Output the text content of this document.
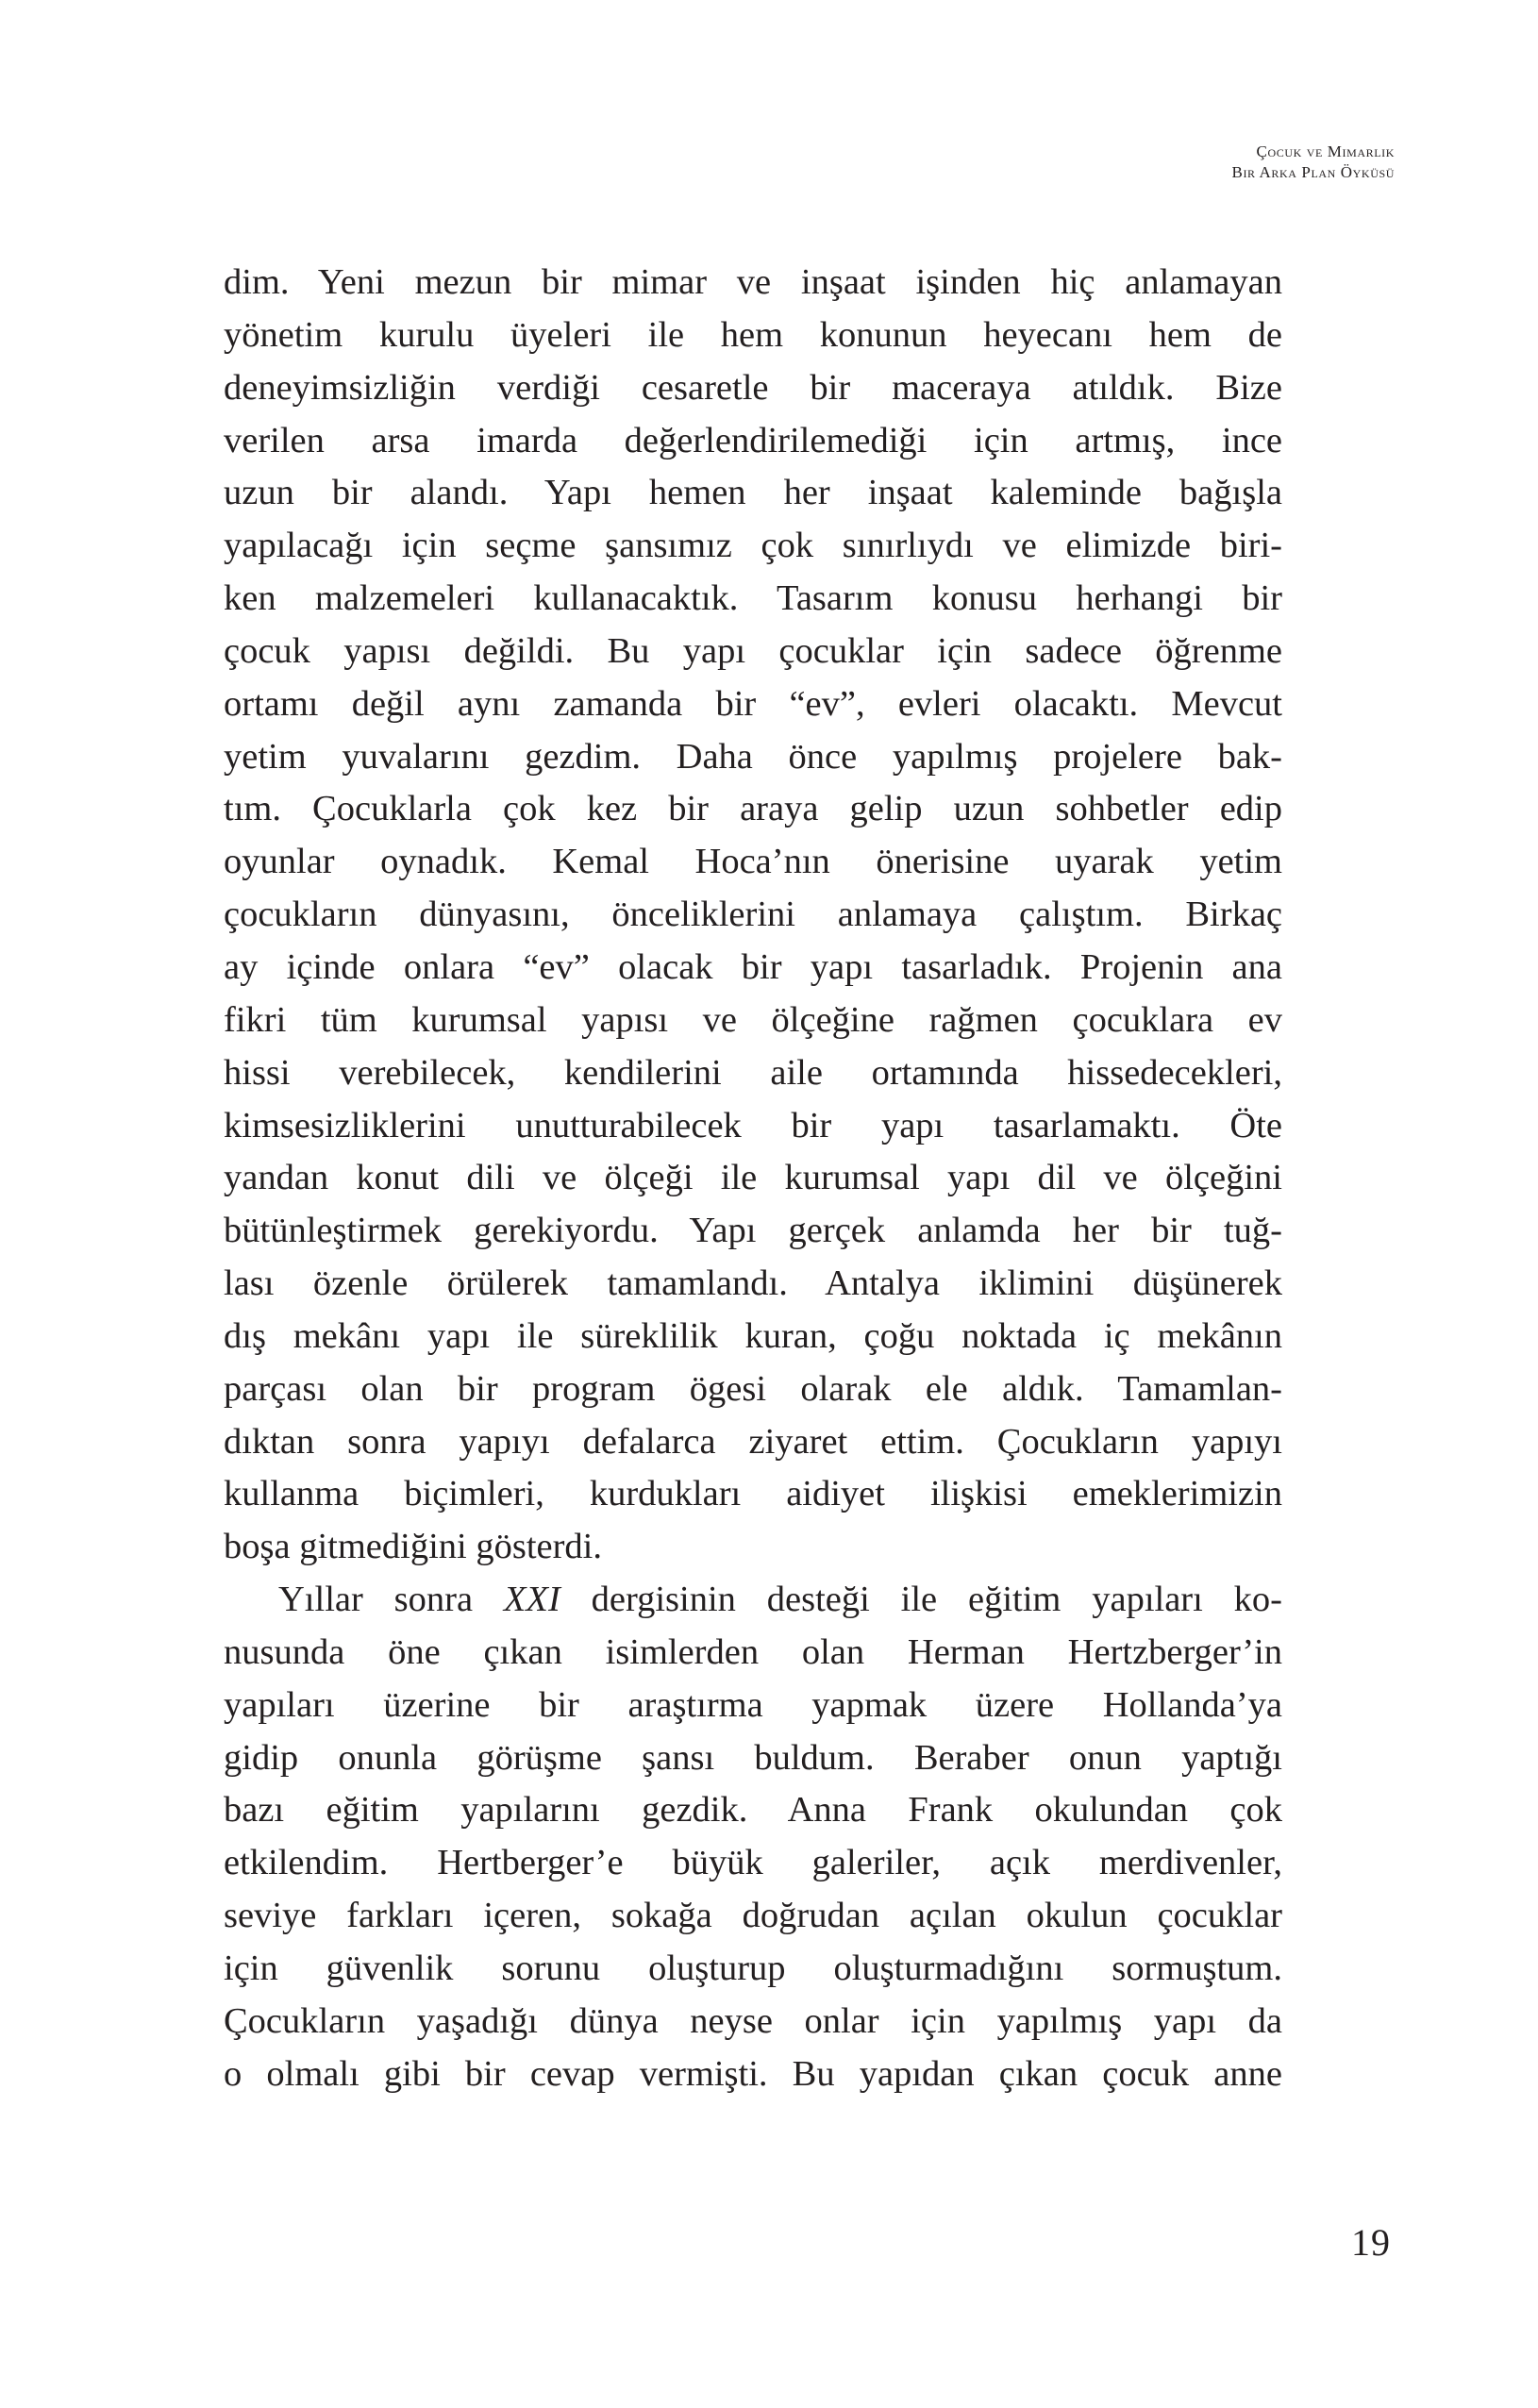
Çocuk ve Mimarlık
Bir Arka Plan Öyküsü
dim. Yeni mezun bir mimar ve inşaat işinden hiç anlamayan
yönetim kurulu üyeleri ile hem konunun heyecanı hem de
deneyimsizliğin verdiği cesaretle bir maceraya atıldık. Bize
verilen arsa imarda değerlendirilemediği için artmış, ince
uzun bir alandı. Yapı hemen her inşaat kaleminde bağışla
yapılacağı için seçme şansımız çok sınırlıydı ve elimizde biri-
ken malzemeleri kullanacaktık. Tasarım konusu herhangi bir
çocuk yapısı değildi. Bu yapı çocuklar için sadece öğrenme
ortamı değil aynı zamanda bir “ev”, evleri olacaktı. Mevcut
yetim yuvalarını gezdim. Daha önce yapılmış projelere bak-
tım. Çocuklarla çok kez bir araya gelip uzun sohbetler edip
oyunlar oynadık. Kemal Hoca’nın önerisine uyarak yetim
çocukların dünyasını, önceliklerini anlamaya çalıştım. Birkaç
ay içinde onlara “ev” olacak bir yapı tasarladık. Projenin ana
fikri tüm kurumsal yapısı ve ölçeğine rağmen çocuklara ev
hissi verebilecek, kendilerini aile ortamında hissedecekleri,
kimsesizliklerini unutturabilecek bir yapı tasarlamaktı. Öte
yandan konut dili ve ölçeği ile kurumsal yapı dil ve ölçeğini
bütünleştirmek gerekiyordu. Yapı gerçek anlamda her bir tuğ-
lası özenle örülerek tamamlandı. Antalya iklimini düşünerek
dış mekânı yapı ile süreklilik kuran, çoğu noktada iç mekânın
parçası olan bir program ögesi olarak ele aldık. Tamamlan-
dıktan sonra yapıyı defalarca ziyaret ettim. Çocukların yapıyı
kullanma biçimleri, kurdukları aidiyet ilişkisi emeklerimizin
boşa gitmediğini gösterdi.
Yıllar sonra XXI dergisinin desteği ile eğitim yapıları ko-
nusunda öne çıkan isimlerden olan Herman Hertzberger’in
yapıları üzerine bir araştırma yapmak üzere Hollanda’ya
gidip onunla görüşme şansı buldum. Beraber onun yaptığı
bazı eğitim yapılarını gezdik. Anna Frank okulundan çok
etkilendim. Hertberger’e büyük galeriler, açık merdivenler,
seviye farkları içeren, sokağa doğrudan açılan okulun çocuklar
için güvenlik sorunu oluşturup oluşturmadığını sormuştum.
Çocukların yaşadığı dünya neyse onlar için yapılmış yapı da
o olmalı gibi bir cevap vermişti. Bu yapıdan çıkan çocuk anne
19
